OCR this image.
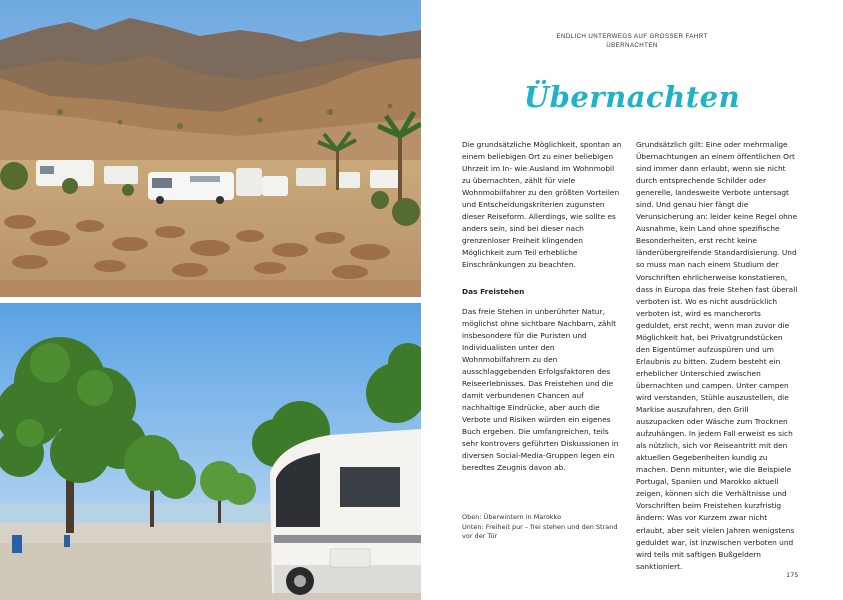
ENDLICH UNTERWEGS AUF GROSSER FAHRT
ÜBERNACHTEN
Übernachten

Die grundsätzliche Möglichkeit, spontan an einem beliebigen Ort zu einer beliebigen Uhrzeit im In- wie Ausland im Wohnmobil zu übernachten, zählt für viele Wohnmobilfahrer zu den größten Vorteilen und Entscheidungskriterien zugunsten dieser Reiseform. Allerdings, wie sollte es anders sein, sind bei dieser nach grenzenloser Freiheit klingenden Möglichkeit zum Teil erhebliche Einschränkungen zu beachten.

Das Freistehen

Das freie Stehen in unberührter Natur, möglichst ohne sichtbare Nachbarn, zählt insbesondere für die Puristen und Individualisten unter den Wohnmobilfahrern zu den ausschlaggebenden Erfolgsfaktoren des Reiseerlebnisses. Das Freistehen und die damit verbundenen Chancen auf nachhaltige Eindrücke, aber auch die Verbote und Risiken würden ein eigenes Buch ergeben. Die umfangreichen, teils sehr kontrovers geführten Diskussionen in diversen Social-Media-Gruppen legen ein beredtes Zeugnis davon ab.

Grundsätzlich gilt: Eine oder mehrmalige Übernachtungen an einem öffentlichen Ort sind immer dann erlaubt, wenn sie nicht durch entsprechende Schilder oder generelle, landesweite Verbote untersagt sind. Und genau hier fängt die Verunsicherung an: leider keine Regel ohne Ausnahme, kein Land ohne spezifische Besonderheiten, erst recht keine länderübergreifende Standardisierung. Und so muss man nach einem Studium der Vorschriften ehrlicherweise konstatieren, dass in Europa das freie Stehen fast überall verboten ist. Wo es nicht ausdrücklich verboten ist, wird es mancherorts geduldet, erst recht, wenn man zuvor die Möglichkeit hat, bei Privatgrundstücken den Eigentümer aufzuspüren und um Erlaubnis zu bitten. Zudem besteht ein erheblicher Unterschied zwischen übernachten und campen. Unter campen wird verstanden, Stühle auszustellen, die Markise auszufahren, den Grill auszupacken oder Wäsche zum Trocknen aufzuhängen. In jedem Fall erweist es sich als nützlich, sich vor Reiseantritt mit den aktuellen Gegebenheiten kundig zu machen. Denn mitunter, wie die Beispiele Portugal, Spanien und Marokko aktuell zeigen, können sich die Verhältnisse und Vorschriften beim Freistehen kurzfristig ändern: Was vor Kurzem zwar nicht erlaubt, aber seit vielen Jahren wenigstens geduldet war, ist inzwischen verboten und wird teils mit saftigen Bußgeldern sanktioniert.

Oben: Überwintern in Marokko
Unten: Freiheit pur – frei stehen und den Strand vor der Tür
175
